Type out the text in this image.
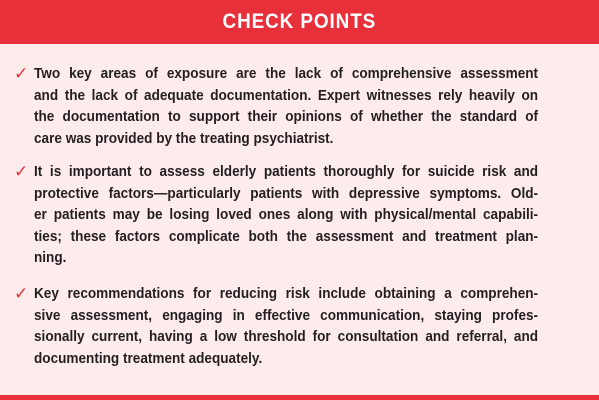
CHECK POINTS
✓ Two key areas of exposure are the lack of comprehensive assessment
and the lack of adequate documentation. Expert witnesses rely heavily on
the documentation to support their opinions of whether the standard of
care was provided by the treating psychiatrist.
✓ It is important to assess elderly patients thoroughly for suicide risk and
protective factors—particularly patients with depressive symptoms. Old-
er patients may be losing loved ones along with physical/mental capabili-
ties; these factors complicate both the assessment and treatment plan-
ning.
✓ Key recommendations for reducing risk include obtaining a comprehen-
sive assessment, engaging in effective communication, staying profes-
sionally current, having a low threshold for consultation and referral, and
documenting treatment adequately.
